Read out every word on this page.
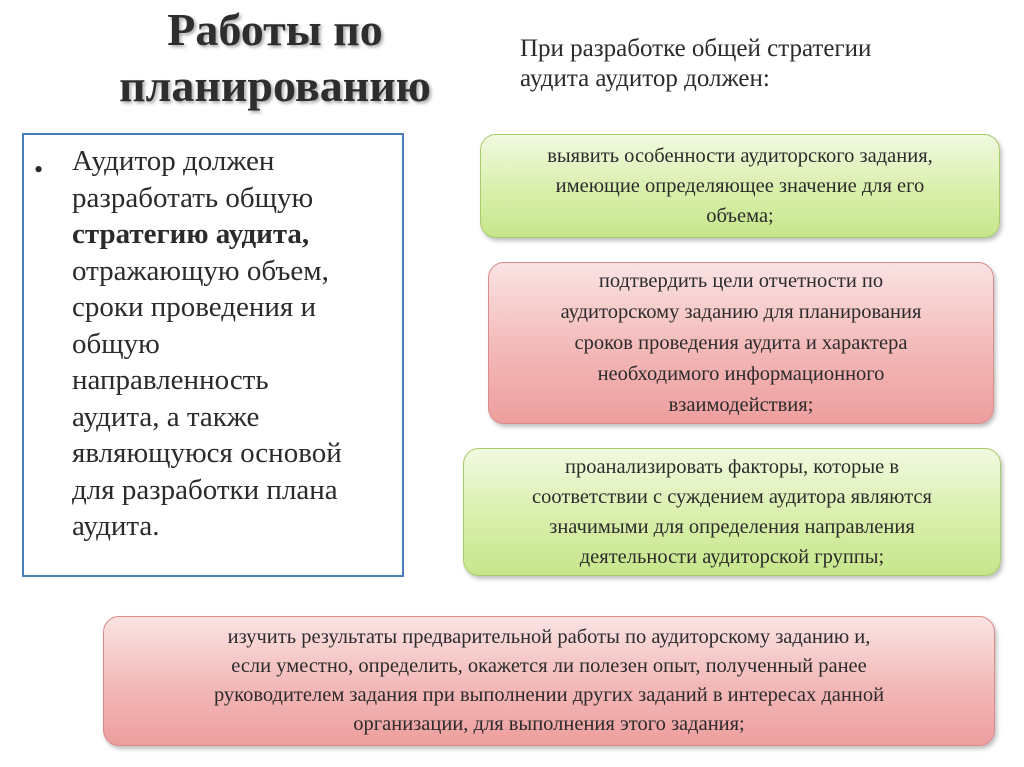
Работы по
планированию
При разработке общей стратегии
аудита аудитор должен:
• Аудитор должен
разработать общую
стратегию аудита,
отражающую объем,
сроки проведения и
общую
направленность
аудита, а также
являющуюся основой
для разработки плана
аудита.
выявить особенности аудиторского задания,
имеющие определяющее значение для его
объема;
подтвердить цели отчетности по
аудиторскому заданию для планирования
сроков проведения аудита и характера
необходимого информационного
взаимодействия;
проанализировать факторы, которые в
соответствии с суждением аудитора являются
значимыми для определения направления
деятельности аудиторской группы;
изучить результаты предварительной работы по аудиторскому заданию и,
если уместно, определить, окажется ли полезен опыт, полученный ранее
руководителем задания при выполнении других заданий в интересах данной
организации, для выполнения этого задания;
